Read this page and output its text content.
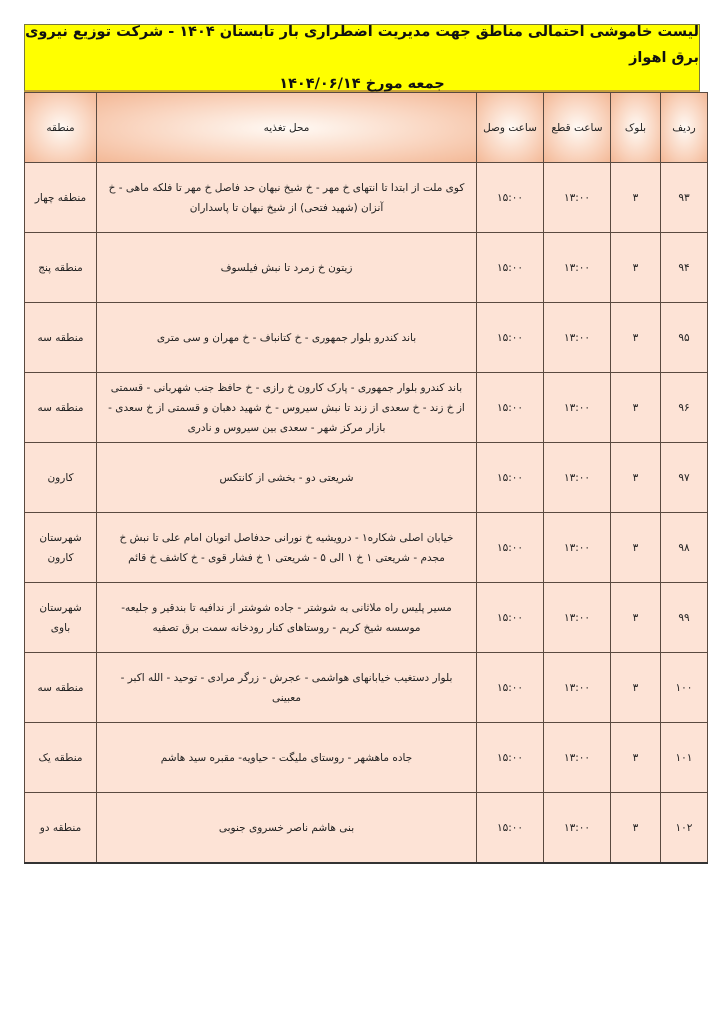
لیست خاموشی احتمالی مناطق جهت مدیریت اضطراری بار تابستان ۱۴۰۴ - شرکت توزیع نیروی برق اهواز
جمعه مورخ ۱۴۰۴/۰۶/۱۴
ردیف	بلوک	ساعت قطع	ساعت وصل	محل تغذیه	منطقه
۹۳	۳	۱۳:۰۰	۱۵:۰۰	کوی ملت از ابتدا تا انتهای خ مهر - خ شیخ نبهان حد فاصل خ مهر تا فلکه ماهی - خ آنزان (شهید فتحی) از شیخ نبهان تا پاسداران	منطقه چهار
۹۴	۳	۱۳:۰۰	۱۵:۰۰	زیتون خ زمرد تا نبش فیلسوف	منطقه پنج
۹۵	۳	۱۳:۰۰	۱۵:۰۰	باند کندرو بلوار جمهوری - خ کتانباف - خ مهران و سی متری	منطقه سه
۹۶	۳	۱۳:۰۰	۱۵:۰۰	باند کندرو بلوار جمهوری - پارک کارون خ رازی - خ حافظ جنب شهربانی - قسمتی از خ زند - خ سعدی از زند تا نبش سیروس - خ شهید دهبان و قسمتی از خ سعدی - بازار مرکز شهر - سعدی بین سیروس و نادری	منطقه سه
۹۷	۳	۱۳:۰۰	۱۵:۰۰	شریعتی دو - بخشی از کانتکس	کارون
۹۸	۳	۱۳:۰۰	۱۵:۰۰	خیابان اصلی شکاره۱ - درویشیه خ نورانی حدفاصل اتوبان امام علی تا نبش خ مجدم - شریعتی ۱ خ ۱ الی ۵ - شریعتی ۱ خ فشار قوی - خ کاشف خ قائم	شهرستان کارون
۹۹	۳	۱۳:۰۰	۱۵:۰۰	مسیر پلیس راه ملاثانی به شوشتر - جاده شوشتر از ندافیه تا بندقیر و جلیعه- موسسه شیخ کریم - روستاهای کنار رودخانه سمت برق تصفیه	شهرستان باوی
۱۰۰	۳	۱۳:۰۰	۱۵:۰۰	بلوار دستغیب خیابانهای هواشمی - عجرش - زرگر مرادی - توحید - الله اکبر - معبینی	منطقه سه
۱۰۱	۳	۱۳:۰۰	۱۵:۰۰	جاده ماهشهر - روستای ملیگت - حیاویه- مقبره سید هاشم	منطقه یک
۱۰۲	۳	۱۳:۰۰	۱۵:۰۰	بنی هاشم ناصر خسروی جنوبی	منطقه دو
